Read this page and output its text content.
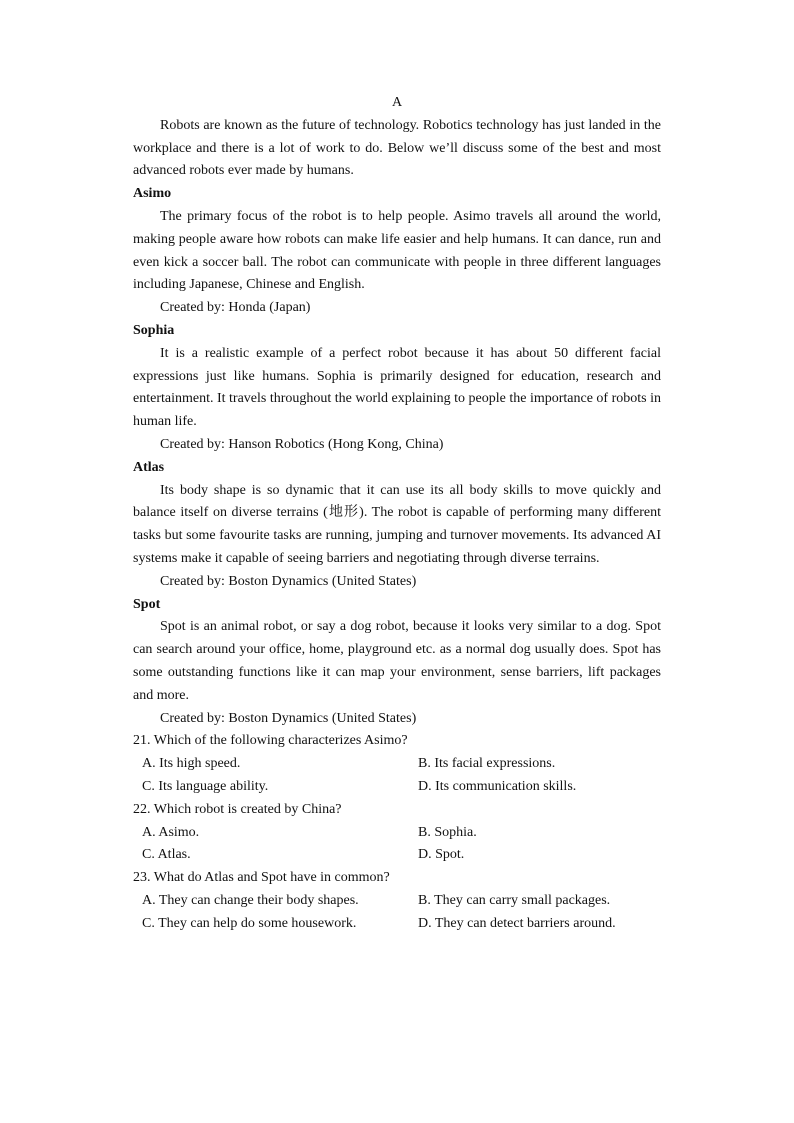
A

Robots are known as the future of technology. Robotics technology has just landed in the workplace and there is a lot of work to do. Below we’ll discuss some of the best and most advanced robots ever made by humans.

Asimo

The primary focus of the robot is to help people. Asimo travels all around the world, making people aware how robots can make life easier and help humans. It can dance, run and even kick a soccer ball. The robot can communicate with people in three different languages including Japanese, Chinese and English.

Created by: Honda (Japan)

Sophia

It is a realistic example of a perfect robot because it has about 50 different facial expressions just like humans. Sophia is primarily designed for education, research and entertainment. It travels throughout the world explaining to people the importance of robots in human life.

Created by: Hanson Robotics (Hong Kong, China)

Atlas

Its body shape is so dynamic that it can use its all body skills to move quickly and balance itself on diverse terrains (地形). The robot is capable of performing many different tasks but some favourite tasks are running, jumping and turnover movements. Its advanced AI systems make it capable of seeing barriers and negotiating through diverse terrains.

Created by: Boston Dynamics (United States)

Spot

Spot is an animal robot, or say a dog robot, because it looks very similar to a dog. Spot can search around your office, home, playground etc. as a normal dog usually does. Spot has some outstanding functions like it can map your environment, sense barriers, lift packages and more.

Created by: Boston Dynamics (United States)

21. Which of the following characterizes Asimo?

A. Its high speed.	B. Its facial expressions.
C. Its language ability.	D. Its communication skills.

22. Which robot is created by China?

A. Asimo.	B. Sophia.
C. Atlas.	D. Spot.

23. What do Atlas and Spot have in common?

A. They can change their body shapes.	B. They can carry small packages.
C. They can help do some housework.	D. They can detect barriers around.
